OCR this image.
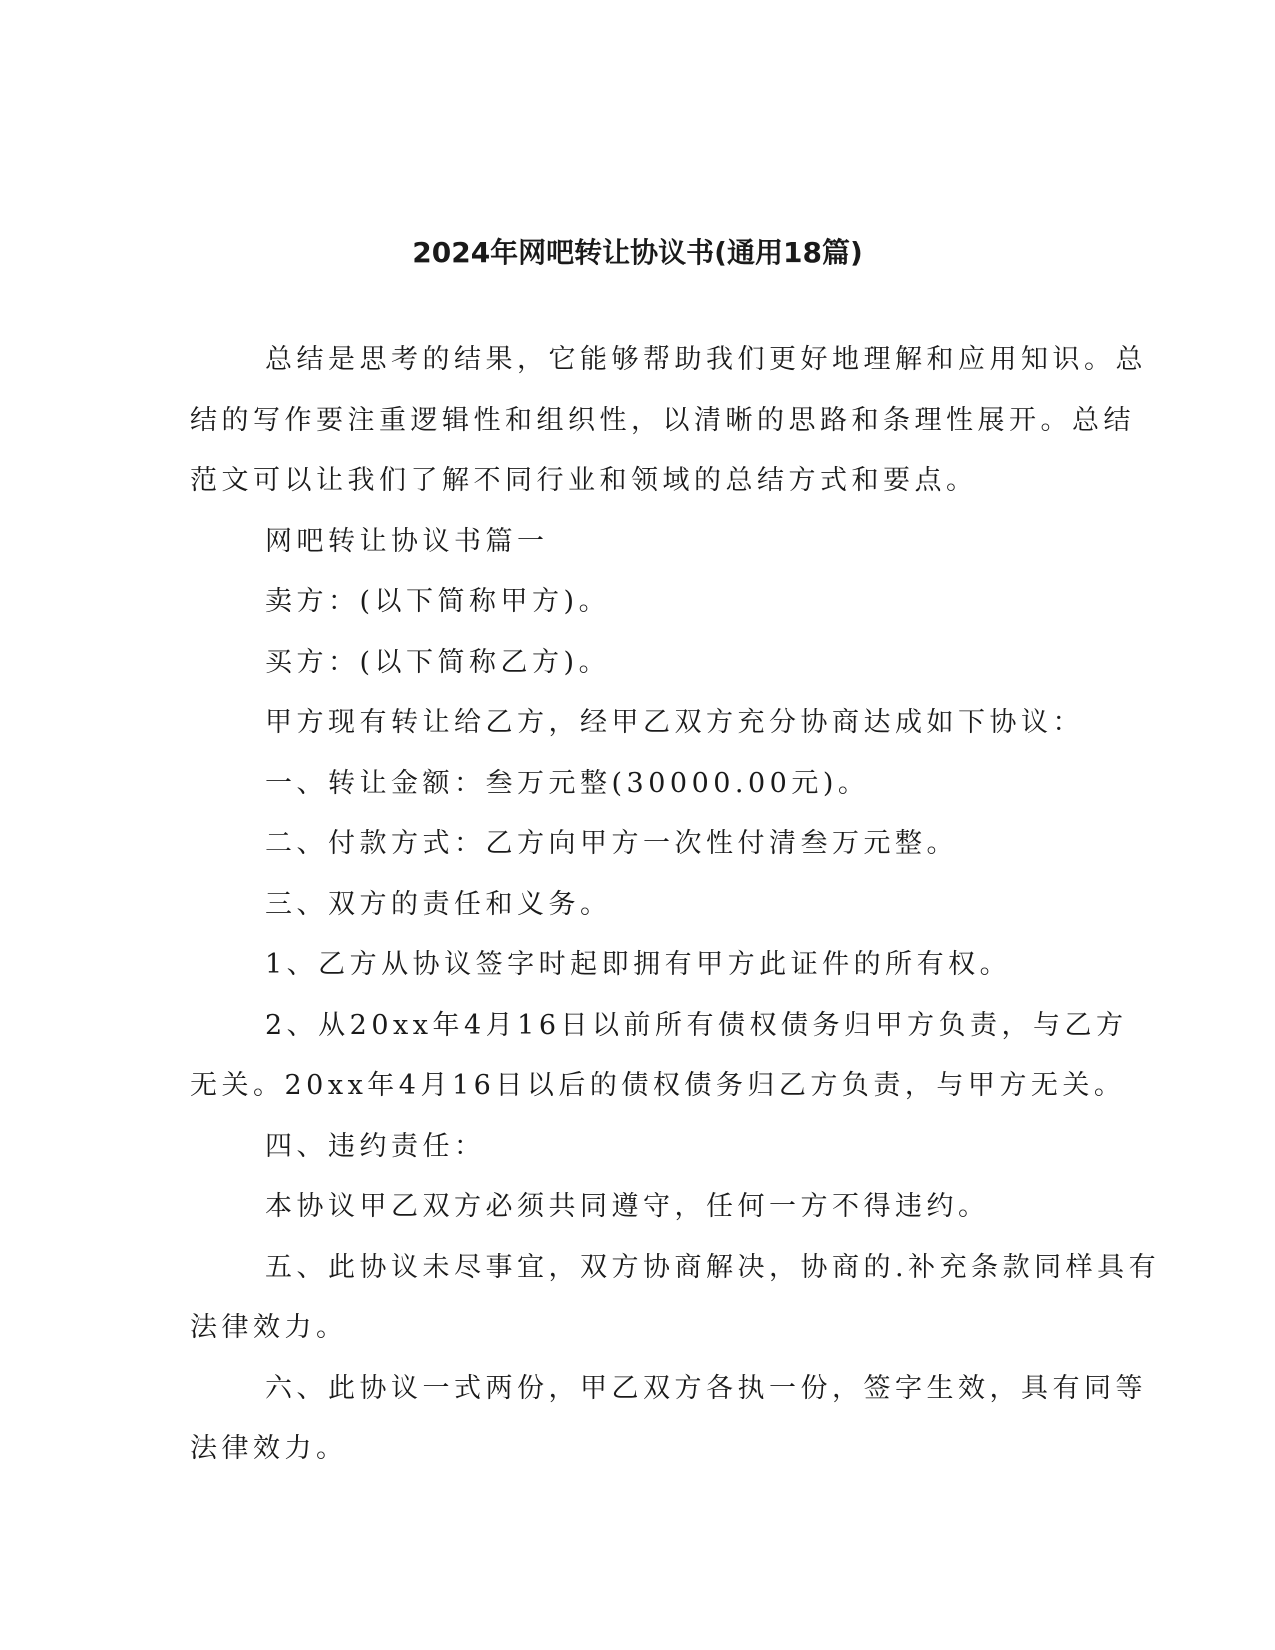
2024年网吧转让协议书(通用18篇)

总结是思考的结果，它能够帮助我们更好地理解和应用知识。总
结的写作要注重逻辑性和组织性，以清晰的思路和条理性展开。总结
范文可以让我们了解不同行业和领域的总结方式和要点。

网吧转让协议书篇一

卖方：(以下简称甲方)。

买方：(以下简称乙方)。

甲方现有转让给乙方，经甲乙双方充分协商达成如下协议：

一、转让金额：叁万元整(30000.00元)。

二、付款方式：乙方向甲方一次性付清叁万元整。

三、双方的责任和义务。

1、乙方从协议签字时起即拥有甲方此证件的所有权。

2、从20xx年4月16日以前所有债权债务归甲方负责，与乙方
无关。20xx年4月16日以后的债权债务归乙方负责，与甲方无关。

四、违约责任：

本协议甲乙双方必须共同遵守，任何一方不得违约。

五、此协议未尽事宜，双方协商解决，协商的.补充条款同样具有
法律效力。

六、此协议一式两份，甲乙双方各执一份，签字生效，具有同等
法律效力。
